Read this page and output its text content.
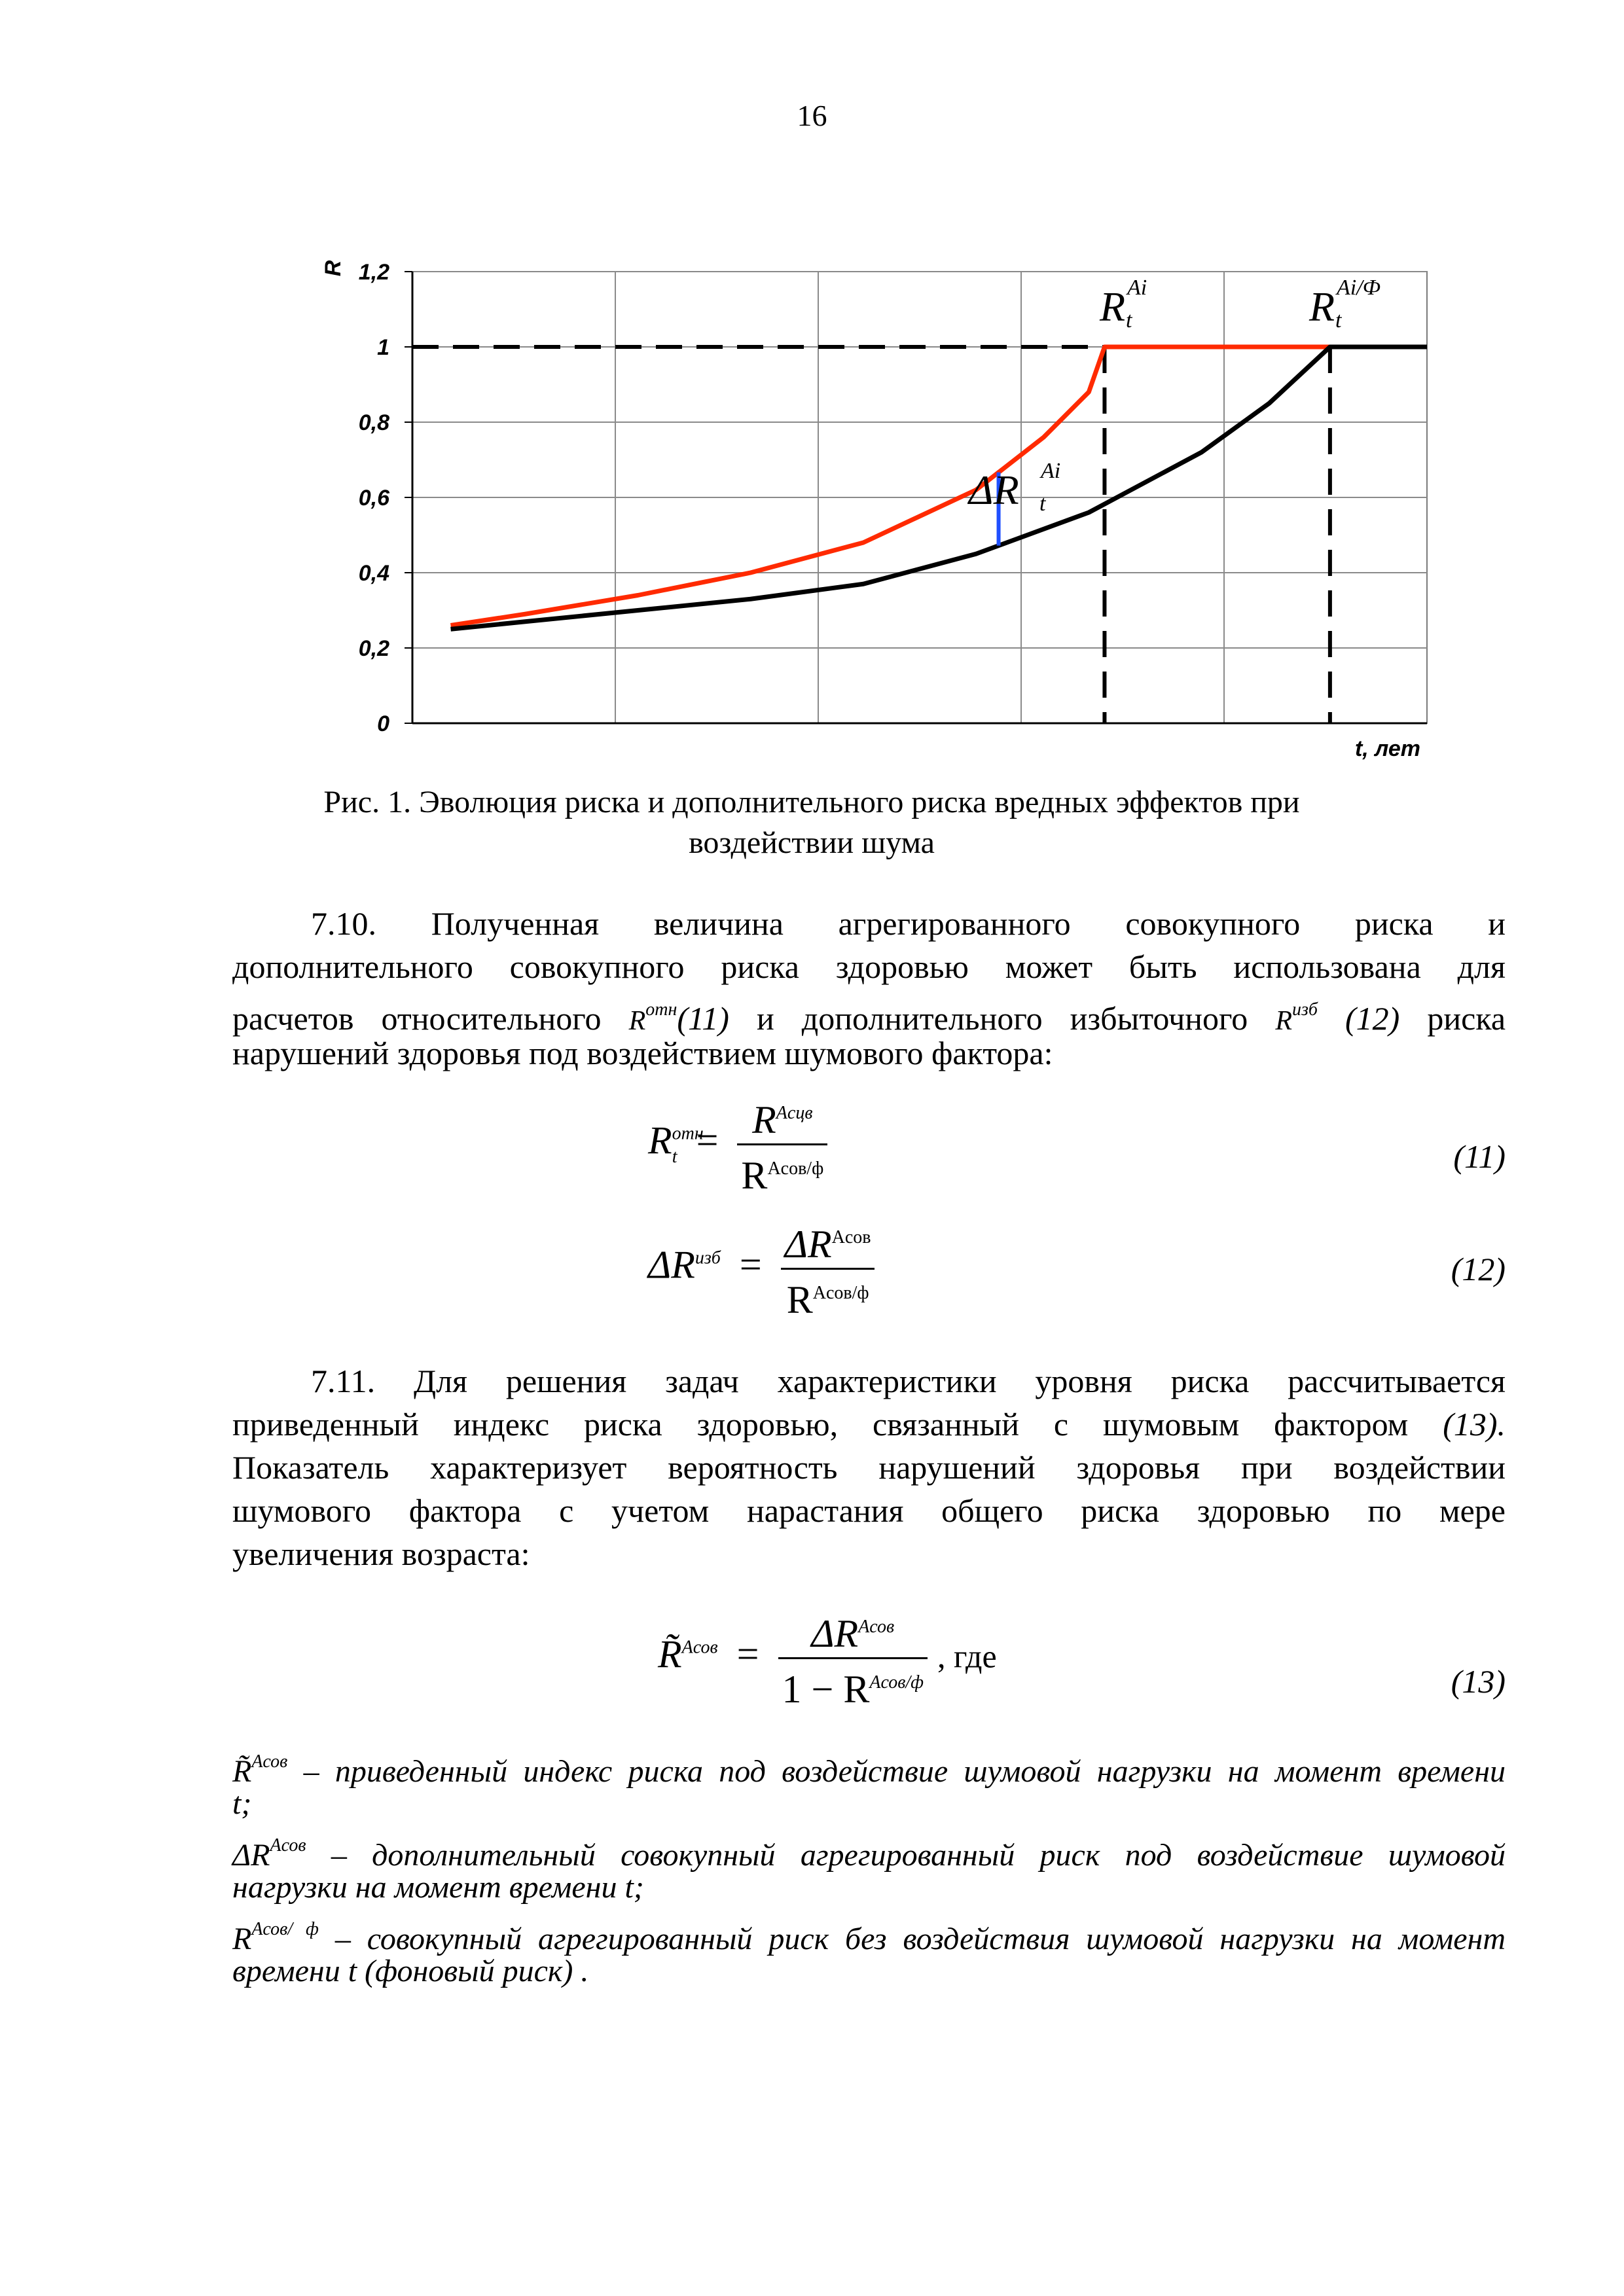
16
0
0,2
0,4
0,6
0,8
1
1,2
R
t, лет
R Ai
t	R Ai/Ф
t
ΔR Ai
t
Рис. 1. Эволюция риска и дополнительного риска вредных эффектов при
воздействии шума
7.10. Полученная величина агрегированного совокупного риска и
дополнительного совокупного риска здоровью может быть использована для
расчетов относительного $R^{отн}(11)$ и дополнительного избыточного $R^{изб}$ (12) риска
нарушений здоровья под воздействием шумового фактора:
$R^{отн}_t = \frac{R^{Aсцв}}{R^{Aсов/ф}}$	(11)
$\Delta R^{изб} = \frac{\Delta R^{Aсов}}{R^{Aсов/ф}}$	(12)
7.11. Для решения задач характеристики уровня риска рассчитывается
приведенный индекс риска здоровью, связанный с шумовым фактором (13).
Показатель характеризует вероятность нарушений здоровья при воздействии
шумового фактора с учетом нарастания общего риска здоровью по мере
увеличения возраста:
R̃$^{Aсов}$ = $\frac{\Delta R^{Aсов}}{1 - R^{Aсов/ф}}$ , где
(13)
R̃$^{Aсов}$ – приведенный индекс риска под воздействие шумовой нагрузки на момент времени
t;
$\Delta R^{Aсов}$ – дополнительный совокупный агрегированный риск под воздействие шумовой
нагрузки на момент времени t;
$R^{Aсов/ ф}$ – совокупный агрегированный риск без воздействия шумовой нагрузки на момент
времени t (фоновый риск) .
